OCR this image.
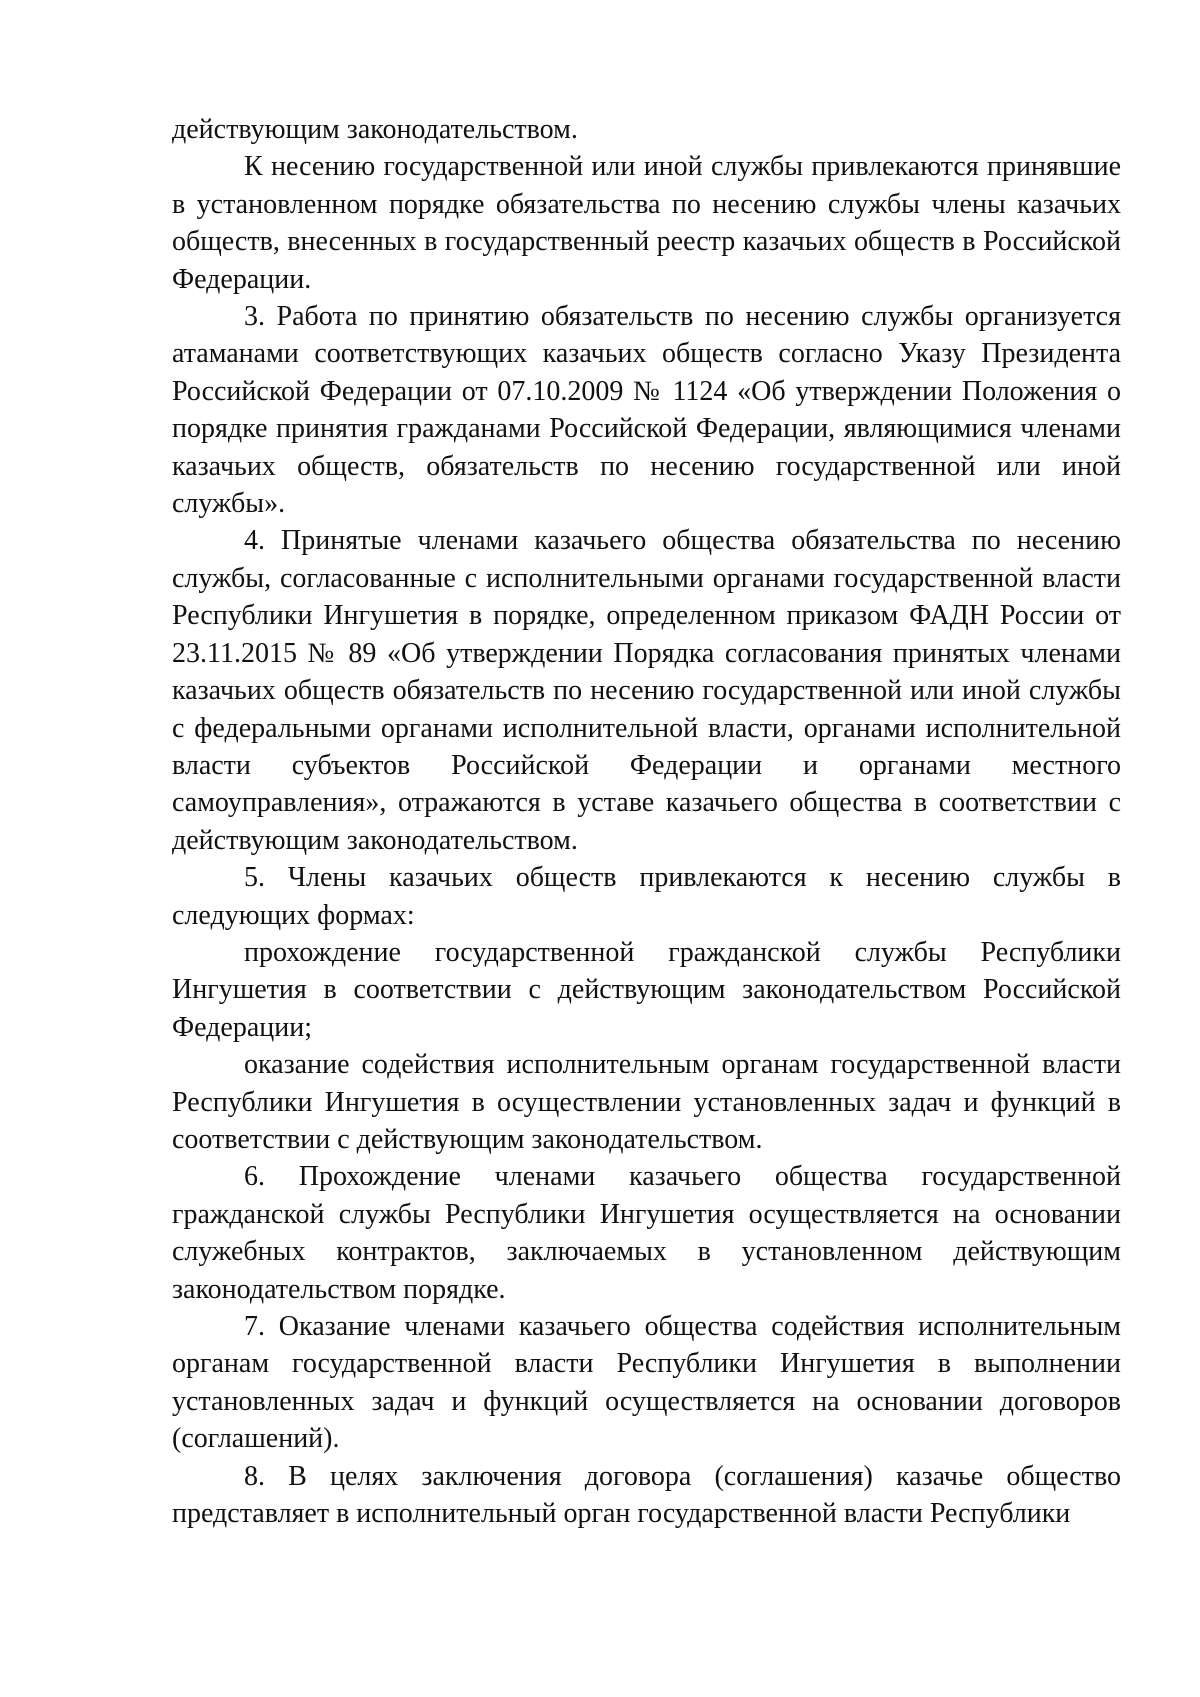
действующим законодательством.

К несению государственной или иной службы привлекаются принявшие в установленном порядке обязательства по несению службы члены казачьих обществ, внесенных в государственный реестр казачьих обществ в Российской Федерации.

3. Работа по принятию обязательств по несению службы организуется атаманами соответствующих казачьих обществ согласно Указу Президента Российской Федерации от 07.10.2009 № 1124 «Об утверждении Положения о порядке принятия гражданами Российской Федерации, являющимися членами казачьих обществ, обязательств по несению государственной или иной службы».

4. Принятые членами казачьего общества обязательства по несению службы, согласованные с исполнительными органами государственной власти Республики Ингушетия в порядке, определенном приказом ФАДН России от 23.11.2015 № 89 «Об утверждении Порядка согласования принятых членами казачьих обществ обязательств по несению государственной или иной службы с федеральными органами исполнительной власти, органами исполнительной власти субъектов Российской Федерации и органами местного самоуправления», отражаются в уставе казачьего общества в соответствии с действующим законодательством.

5. Члены казачьих обществ привлекаются к несению службы в следующих формах:

прохождение государственной гражданской службы Республики Ингушетия в соответствии с действующим законодательством Российской Федерации;

оказание содействия исполнительным органам государственной власти Республики Ингушетия в осуществлении установленных задач и функций в соответствии с действующим законодательством.

6. Прохождение членами казачьего общества государственной гражданской службы Республики Ингушетия осуществляется на основании служебных контрактов, заключаемых в установленном действующим законодательством порядке.

7. Оказание членами казачьего общества содействия исполнительным органам государственной власти Республики Ингушетия в выполнении установленных задач и функций осуществляется на основании договоров (соглашений).

8. В целях заключения договора (соглашения) казачье общество представляет в исполнительный орган государственной власти Республики
